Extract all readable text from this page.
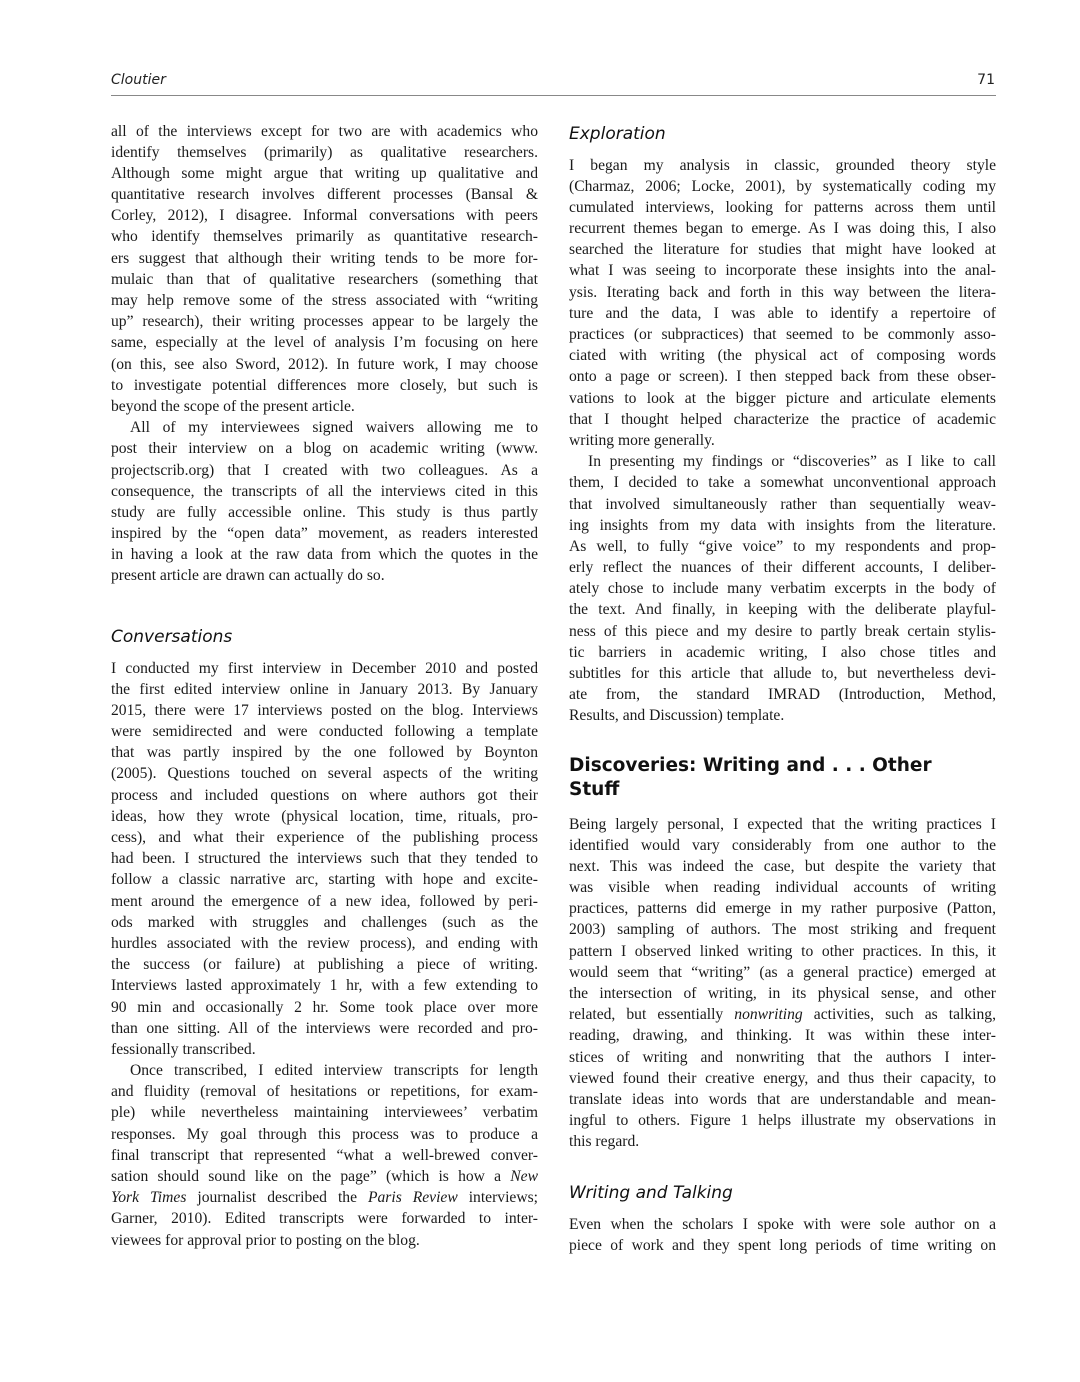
Cloutier	71
all of the interviews except for two are with academics who
identify themselves (primarily) as qualitative researchers.
Although some might argue that writing up qualitative and
quantitative research involves different processes (Bansal &
Corley, 2012), I disagree. Informal conversations with peers
who identify themselves primarily as quantitative research-
ers suggest that although their writing tends to be more for-
mulaic than that of qualitative researchers (something that
may help remove some of the stress associated with “writing
up” research), their writing processes appear to be largely the
same, especially at the level of analysis I’m focusing on here
(on this, see also Sword, 2012). In future work, I may choose
to investigate potential differences more closely, but such is
beyond the scope of the present article.
All of my interviewees signed waivers allowing me to
post their interview on a blog on academic writing (www.
projectscrib.org) that I created with two colleagues. As a
consequence, the transcripts of all the interviews cited in this
study are fully accessible online. This study is thus partly
inspired by the “open data” movement, as readers interested
in having a look at the raw data from which the quotes in the
present article are drawn can actually do so.
Conversations
I conducted my first interview in December 2010 and posted
the first edited interview online in January 2013. By January
2015, there were 17 interviews posted on the blog. Interviews
were semidirected and were conducted following a template
that was partly inspired by the one followed by Boynton
(2005). Questions touched on several aspects of the writing
process and included questions on where authors got their
ideas, how they wrote (physical location, time, rituals, pro-
cess), and what their experience of the publishing process
had been. I structured the interviews such that they tended to
follow a classic narrative arc, starting with hope and excite-
ment around the emergence of a new idea, followed by peri-
ods marked with struggles and challenges (such as the
hurdles associated with the review process), and ending with
the success (or failure) at publishing a piece of writing.
Interviews lasted approximately 1 hr, with a few extending to
90 min and occasionally 2 hr. Some took place over more
than one sitting. All of the interviews were recorded and pro-
fessionally transcribed.
Once transcribed, I edited interview transcripts for length
and fluidity (removal of hesitations or repetitions, for exam-
ple) while nevertheless maintaining interviewees’ verbatim
responses. My goal through this process was to produce a
final transcript that represented “what a well-brewed conver-
sation should sound like on the page” (which is how a New
York Times journalist described the Paris Review interviews;
Garner, 2010). Edited transcripts were forwarded to inter-
viewees for approval prior to posting on the blog.
Exploration
I began my analysis in classic, grounded theory style
(Charmaz, 2006; Locke, 2001), by systematically coding my
cumulated interviews, looking for patterns across them until
recurrent themes began to emerge. As I was doing this, I also
searched the literature for studies that might have looked at
what I was seeing to incorporate these insights into the anal-
ysis. Iterating back and forth in this way between the litera-
ture and the data, I was able to identify a repertoire of
practices (or subpractices) that seemed to be commonly asso-
ciated with writing (the physical act of composing words
onto a page or screen). I then stepped back from these obser-
vations to look at the bigger picture and articulate elements
that I thought helped characterize the practice of academic
writing more generally.
In presenting my findings or “discoveries” as I like to call
them, I decided to take a somewhat unconventional approach
that involved simultaneously rather than sequentially weav-
ing insights from my data with insights from the literature.
As well, to fully “give voice” to my respondents and prop-
erly reflect the nuances of their different accounts, I deliber-
ately chose to include many verbatim excerpts in the body of
the text. And finally, in keeping with the deliberate playful-
ness of this piece and my desire to partly break certain stylis-
tic barriers in academic writing, I also chose titles and
subtitles for this article that allude to, but nevertheless devi-
ate from, the standard IMRAD (Introduction, Method,
Results, and Discussion) template.
Discoveries: Writing and . . . Other
Stuff
Being largely personal, I expected that the writing practices I
identified would vary considerably from one author to the
next. This was indeed the case, but despite the variety that
was visible when reading individual accounts of writing
practices, patterns did emerge in my rather purposive (Patton,
2003) sampling of authors. The most striking and frequent
pattern I observed linked writing to other practices. In this, it
would seem that “writing” (as a general practice) emerged at
the intersection of writing, in its physical sense, and other
related, but essentially nonwriting activities, such as talking,
reading, drawing, and thinking. It was within these inter-
stices of writing and nonwriting that the authors I inter-
viewed found their creative energy, and thus their capacity, to
translate ideas into words that are understandable and mean-
ingful to others. Figure 1 helps illustrate my observations in
this regard.
Writing and Talking
Even when the scholars I spoke with were sole author on a
piece of work and they spent long periods of time writing on
